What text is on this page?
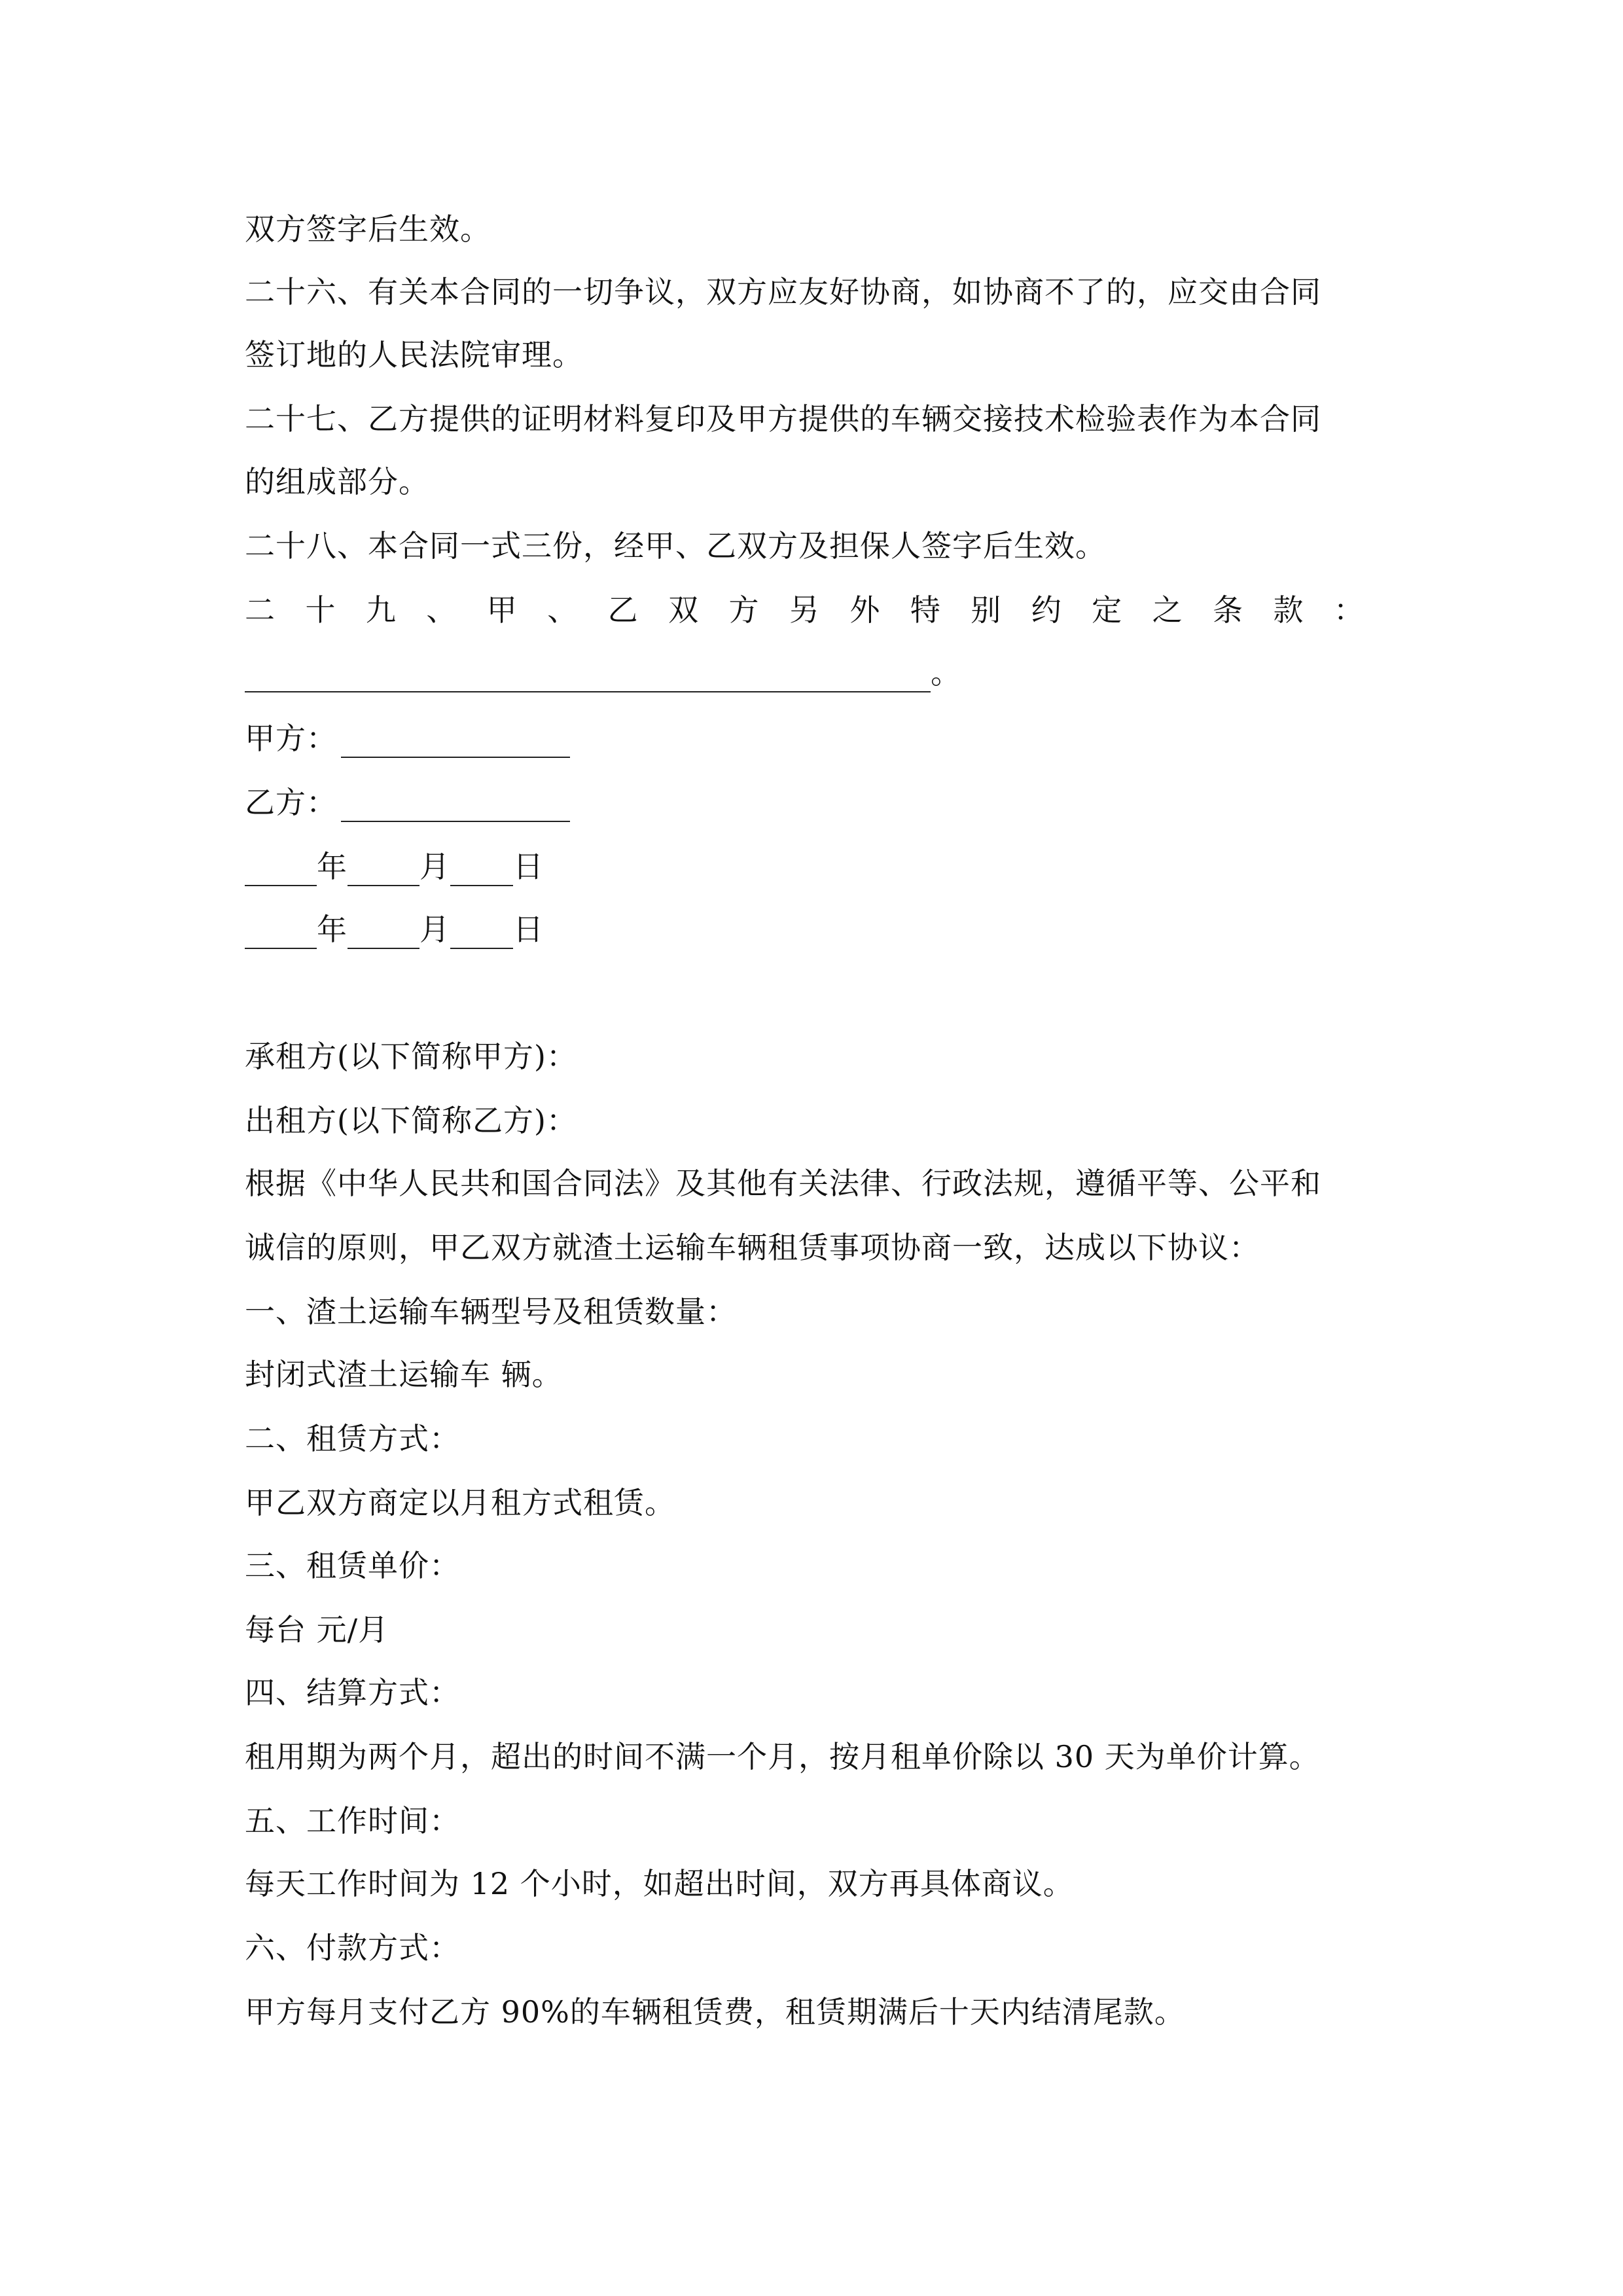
双方签字后生效。
二十六、有关本合同的一切争议，双方应友好协商，如协商不了的，应交由合同
签订地的人民法院审理。
二十七、乙方提供的证明材料复印及甲方提供的车辆交接技术检验表作为本合同
的组成部分。
二十八、本合同一式三份，经甲、乙双方及担保人签字后生效。
二 十 九 、 甲 、 乙 双 方 另 外 特 别 约 定 之 条 款 ：
。
甲方：
乙方：
年 月 日
年 月 日
承租方(以下简称甲方)：
出租方(以下简称乙方)：
根据《中华人民共和国合同法》及其他有关法律、行政法规，遵循平等、公平和
诚信的原则，甲乙双方就渣土运输车辆租赁事项协商一致，达成以下协议：
一、渣土运输车辆型号及租赁数量：
封闭式渣土运输车 辆。
二、租赁方式：
甲乙双方商定以月租方式租赁。
三、租赁单价：
每台 元/月
四、结算方式：
租用期为两个月，超出的时间不满一个月，按月租单价除以 30 天为单价计算。
五、工作时间：
每天工作时间为 12 个小时，如超出时间，双方再具体商议。
六、付款方式：
甲方每月支付乙方 90%的车辆租赁费，租赁期满后十天内结清尾款。
